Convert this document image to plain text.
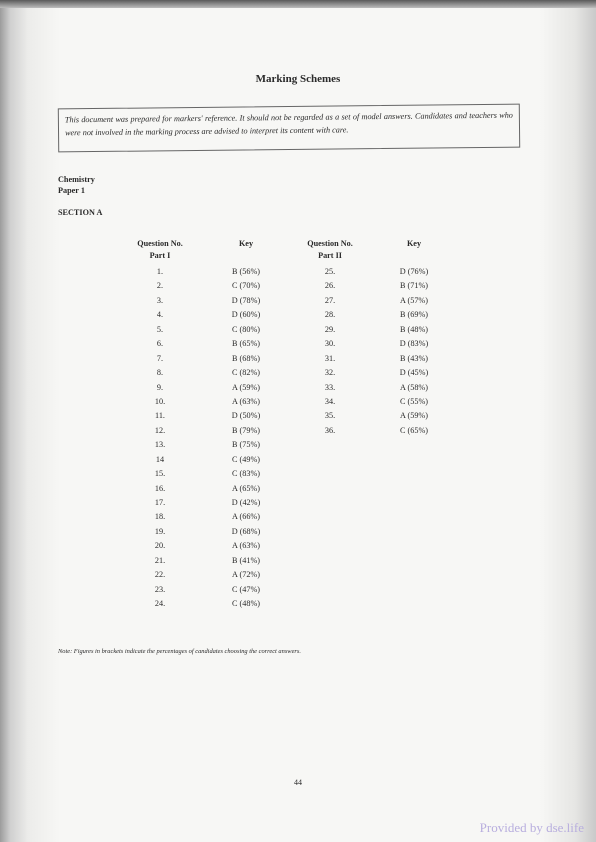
Marking Schemes
This document was prepared for markers' reference. It should not be regarded as a set of model answers. Candidates and teachers who were not involved in the marking process are advised to interpret its content with care.
Chemistry
Paper 1
SECTION A
Question No.
Part I
Key	Question No.
Part II
Key
1.
2.
3.
4.
5.
6.
7.
8.
9.
10.
11.
12.
13.
14
15.
16.
17.
18.
19.
20.
21.
22.
23.
24.
B (56%)
C (70%)
D (78%)
D (60%)
C (80%)
B (65%)
B (68%)
C (82%)
A (59%)
A (63%)
D (50%)
B (79%)
B (75%)
C (49%)
C (83%)
A (65%)
D (42%)
A (66%)
D (68%)
A (63%)
B (41%)
A (72%)
C (47%)
C (48%)
25.
26.
27.
28.
29.
30.
31.
32.
33.
34.
35.
36.
D (76%)
B (71%)
A (57%)
B (69%)
B (48%)
D (83%)
B (43%)
D (45%)
A (58%)
C (55%)
A (59%)
C (65%)
Note: Figures in brackets indicate the percentages of candidates choosing the correct answers.
44
Provided by dse.life
